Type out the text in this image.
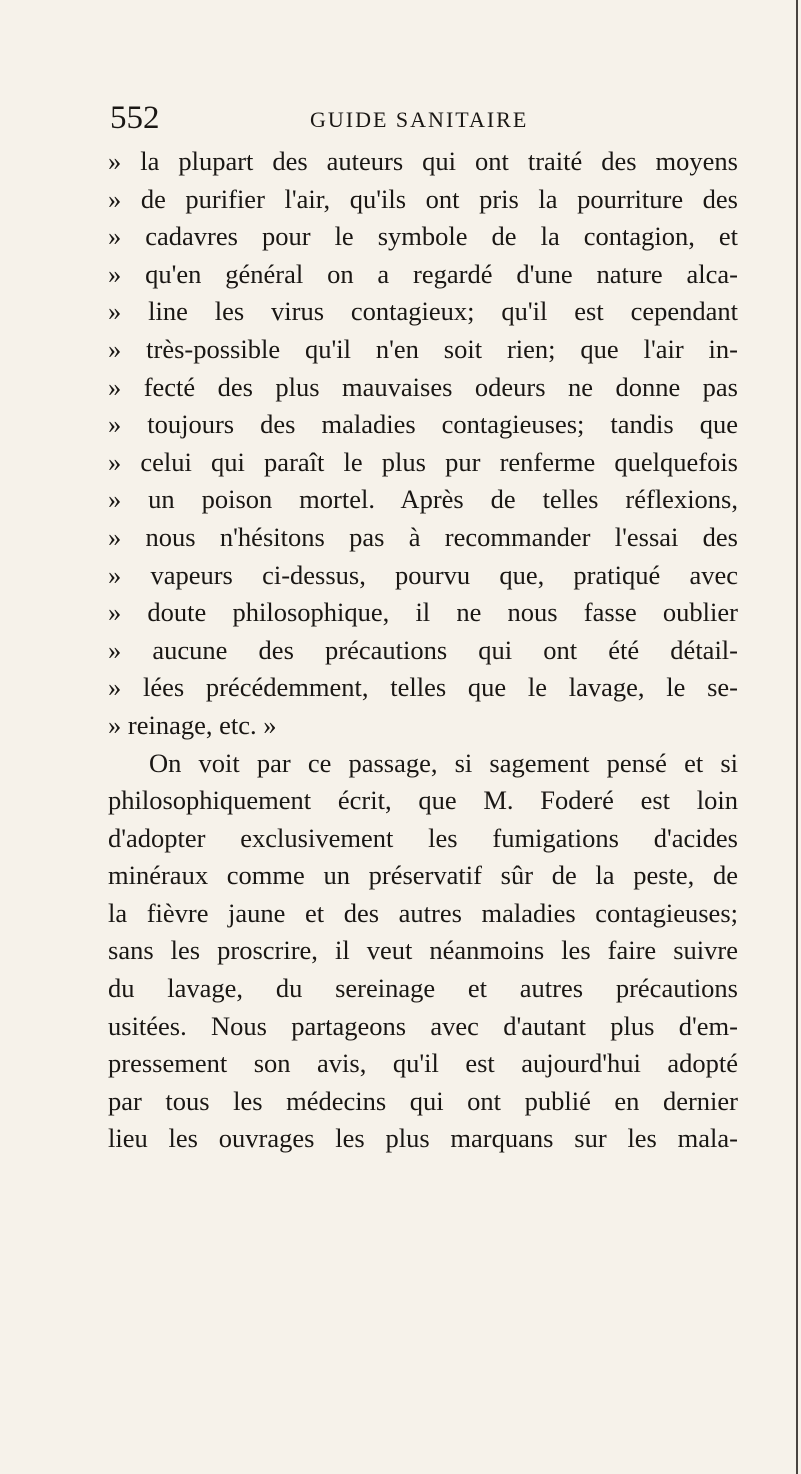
552	GUIDE SANITAIRE
» la plupart des auteurs qui ont traité des moyens
» de purifier l'air, qu'ils ont pris la pourriture des
» cadavres pour le symbole de la contagion, et
» qu'en général on a regardé d'une nature alca-
» line les virus contagieux; qu'il est cependant
» très-possible qu'il n'en soit rien; que l'air in-
» fecté des plus mauvaises odeurs ne donne pas
» toujours des maladies contagieuses; tandis que
» celui qui paraît le plus pur renferme quelquefois
» un poison mortel. Après de telles réflexions,
» nous n'hésitons pas à recommander l'essai des
» vapeurs ci-dessus, pourvu que, pratiqué avec
» doute philosophique, il ne nous fasse oublier
» aucune des précautions qui ont été détail-
» lées précédemment, telles que le lavage, le se-
» reinage, etc. »
On voit par ce passage, si sagement pensé et si
philosophiquement écrit, que M. Foderé est loin
d'adopter exclusivement les fumigations d'acides
minéraux comme un préservatif sûr de la peste, de
la fièvre jaune et des autres maladies contagieuses;
sans les proscrire, il veut néanmoins les faire suivre
du lavage, du sereinage et autres précautions
usitées. Nous partageons avec d'autant plus d'em-
pressement son avis, qu'il est aujourd'hui adopté
par tous les médecins qui ont publié en dernier
lieu les ouvrages les plus marquans sur les mala-
